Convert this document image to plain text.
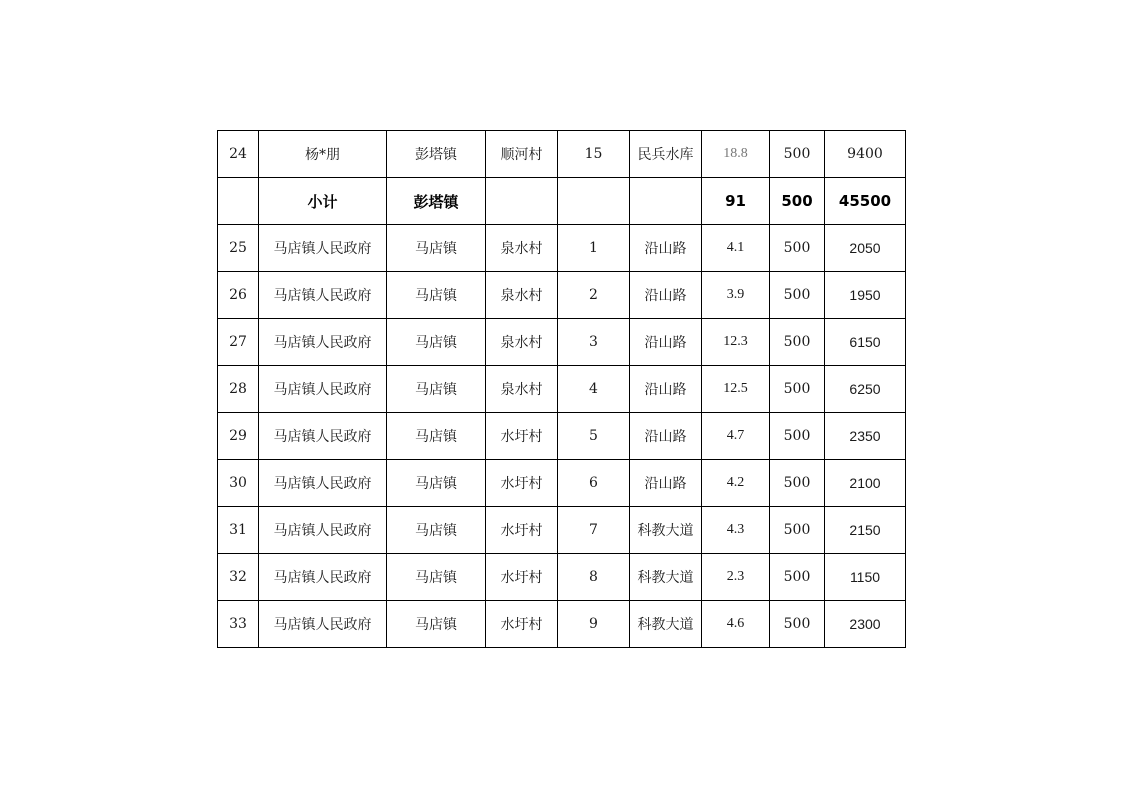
24	杨*朋	彭塔镇	顺河村	15	民兵水库	18.8	500	9400
	小计	彭塔镇				91	500	45500
25	马店镇人民政府	马店镇	泉水村	1	沿山路	4.1	500	2050
26	马店镇人民政府	马店镇	泉水村	2	沿山路	3.9	500	1950
27	马店镇人民政府	马店镇	泉水村	3	沿山路	12.3	500	6150
28	马店镇人民政府	马店镇	泉水村	4	沿山路	12.5	500	6250
29	马店镇人民政府	马店镇	水圩村	5	沿山路	4.7	500	2350
30	马店镇人民政府	马店镇	水圩村	6	沿山路	4.2	500	2100
31	马店镇人民政府	马店镇	水圩村	7	科教大道	4.3	500	2150
32	马店镇人民政府	马店镇	水圩村	8	科教大道	2.3	500	1150
33	马店镇人民政府	马店镇	水圩村	9	科教大道	4.6	500	2300
